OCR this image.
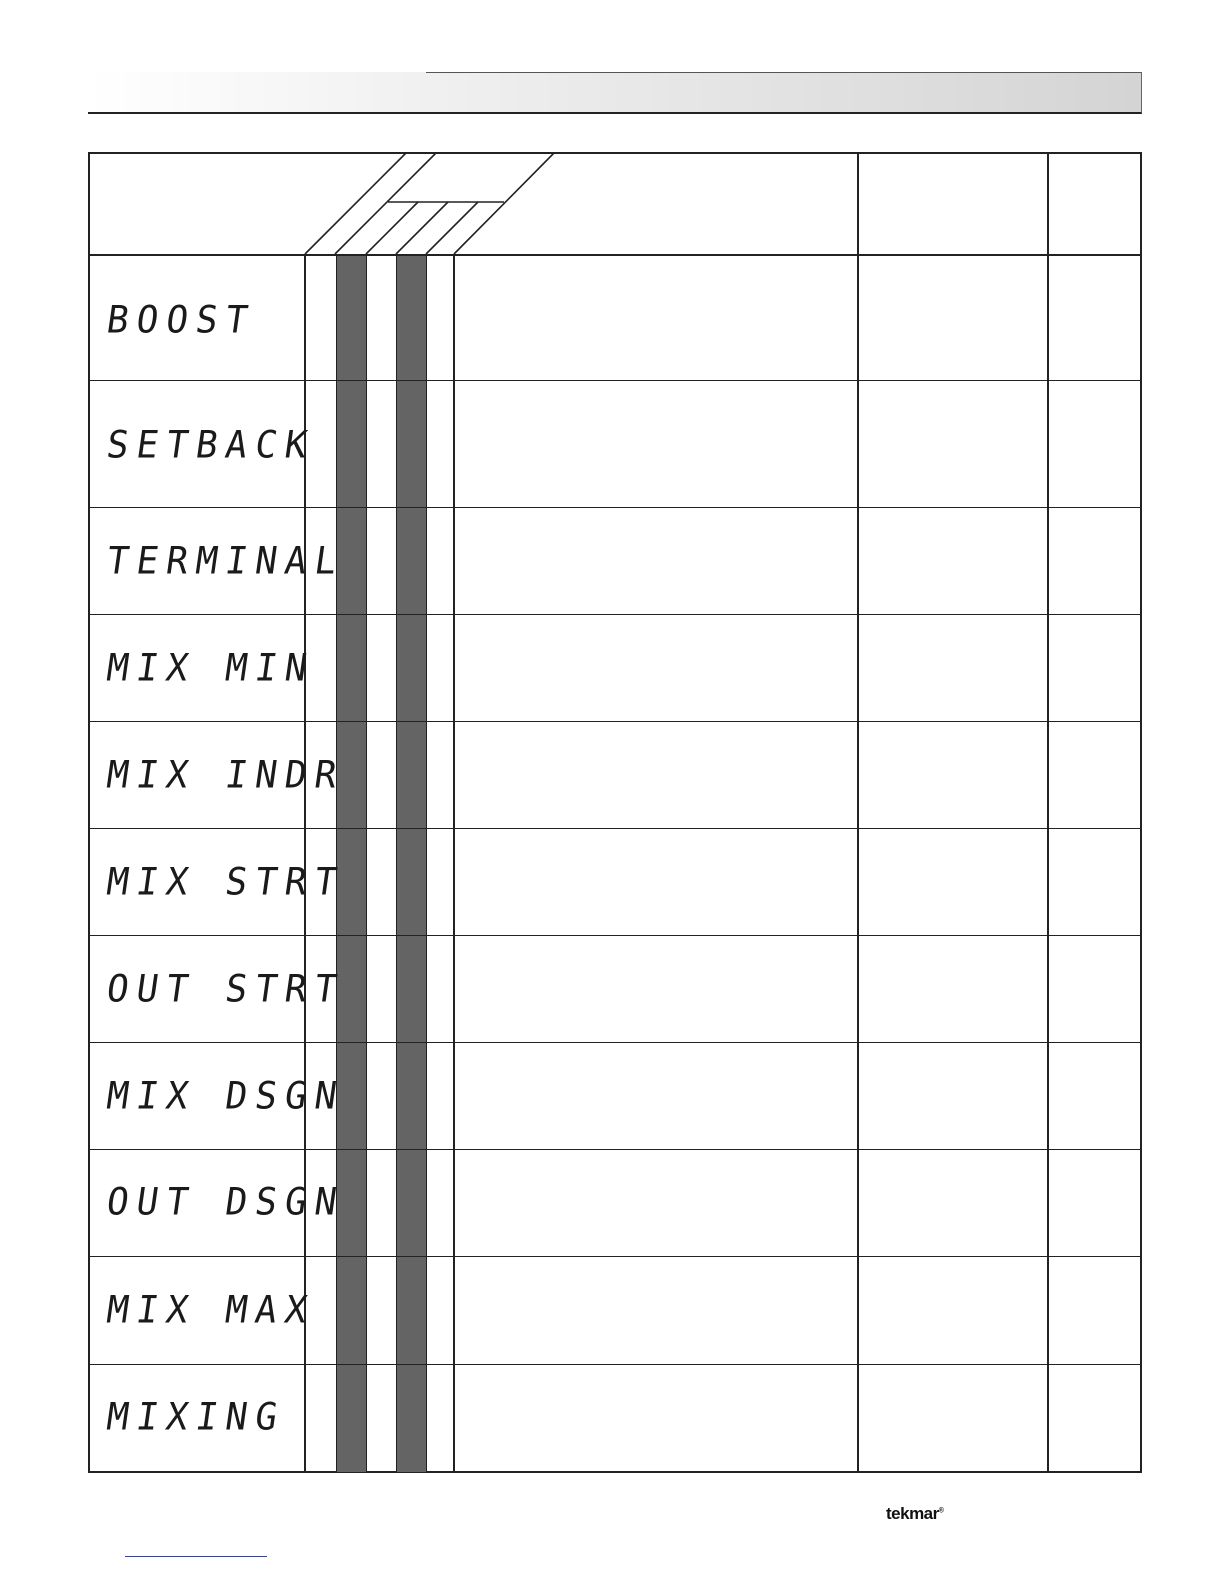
BOOST
SETBACK
TERMINAL
MIX MIN
MIX INDR
MIX STRT
OUT STRT
MIX DSGN
OUT DSGN
MIX MAX
MIXING
tekmar®
